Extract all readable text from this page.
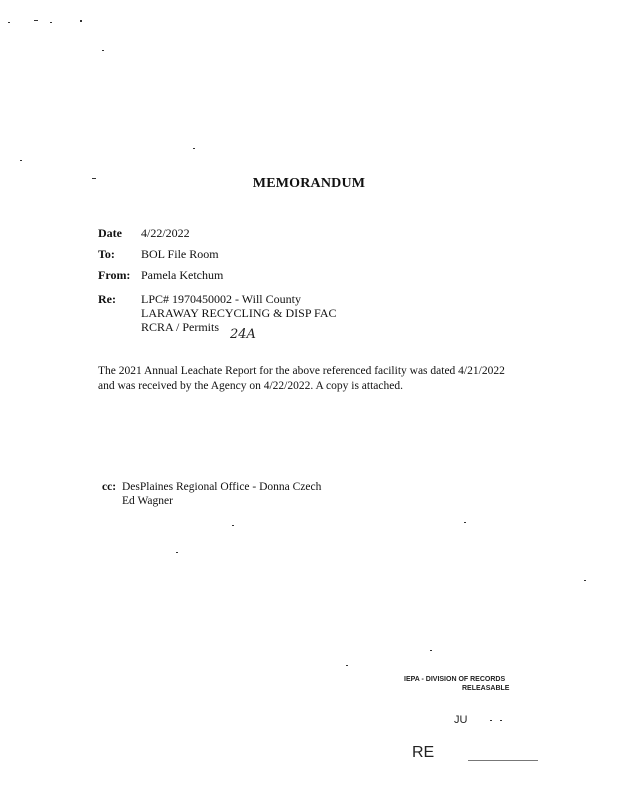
MEMORANDUM
Date 4/22/2022
To: BOL File Room
From: Pamela Ketchum
Re: LPC# 1970450002 - Will County
LARAWAY RECYCLING & DISP FAC
RCRA / Permits 24A
The 2021 Annual Leachate Report for the above referenced facility was dated 4/21/2022 and was received by the Agency on 4/22/2022. A copy is attached.
cc: DesPlaines Regional Office - Donna Czech
Ed Wagner
IEPA - DIVISION OF RECORDS
RELEASABLE
JU
RE
